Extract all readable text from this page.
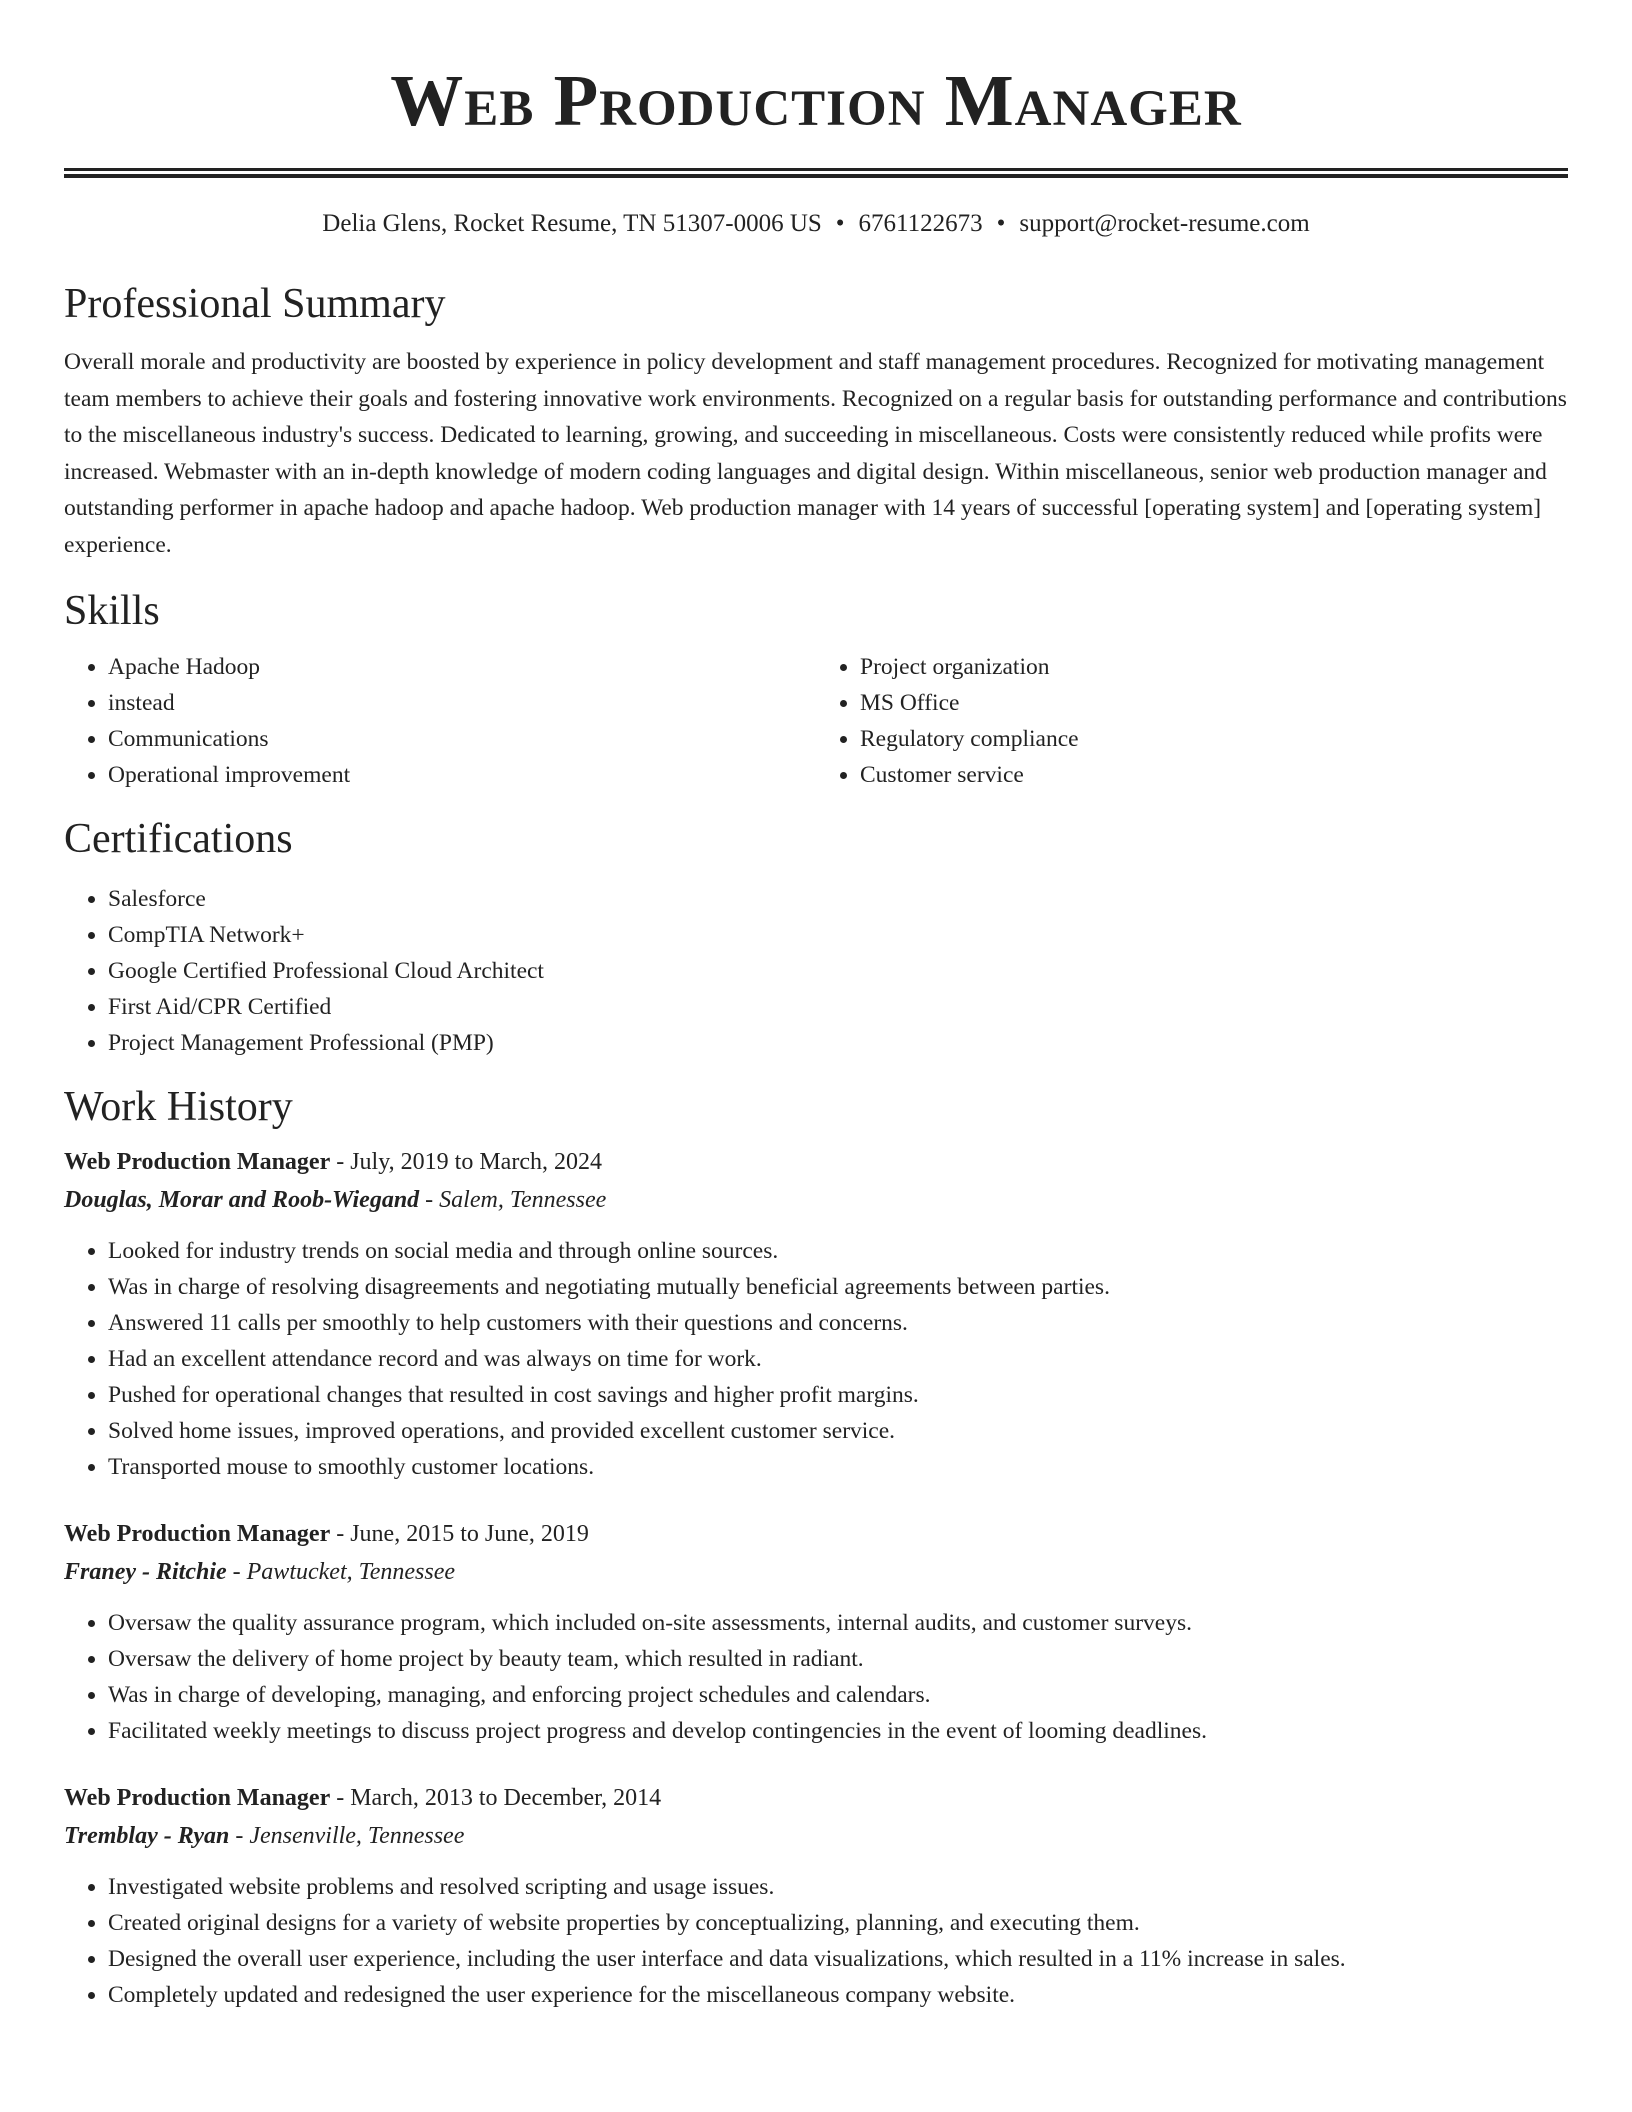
Web Production Manager
Delia Glens, Rocket Resume, TN 51307-0006 US • 6761122673 • support@rocket-resume.com
Professional Summary

Overall morale and productivity are boosted by experience in policy development and staff management procedures. Recognized for motivating management team members to achieve their goals and fostering innovative work environments. Recognized on a regular basis for outstanding performance and contributions to the miscellaneous industry's success. Dedicated to learning, growing, and succeeding in miscellaneous. Costs were consistently reduced while profits were increased. Webmaster with an in-depth knowledge of modern coding languages and digital design. Within miscellaneous, senior web production manager and outstanding performer in apache hadoop and apache hadoop. Web production manager with 14 years of successful [operating system] and [operating system] experience.

Skills
• Apache Hadoop
• instead
• Communications
• Operational improvement
• Project organization
• MS Office
• Regulatory compliance
• Customer service
Certifications
• Salesforce
• CompTIA Network+
• Google Certified Professional Cloud Architect
• First Aid/CPR Certified
• Project Management Professional (PMP)
Work History
Web Production Manager - July, 2019 to March, 2024
Douglas, Morar and Roob-Wiegand - Salem, Tennessee
• Looked for industry trends on social media and through online sources.
• Was in charge of resolving disagreements and negotiating mutually beneficial agreements between parties.
• Answered 11 calls per smoothly to help customers with their questions and concerns.
• Had an excellent attendance record and was always on time for work.
• Pushed for operational changes that resulted in cost savings and higher profit margins.
• Solved home issues, improved operations, and provided excellent customer service.
• Transported mouse to smoothly customer locations.
Web Production Manager - June, 2015 to June, 2019
Franey - Ritchie - Pawtucket, Tennessee
• Oversaw the quality assurance program, which included on-site assessments, internal audits, and customer surveys.
• Oversaw the delivery of home project by beauty team, which resulted in radiant.
• Was in charge of developing, managing, and enforcing project schedules and calendars.
• Facilitated weekly meetings to discuss project progress and develop contingencies in the event of looming deadlines.
Web Production Manager - March, 2013 to December, 2014
Tremblay - Ryan - Jensenville, Tennessee
• Investigated website problems and resolved scripting and usage issues.
• Created original designs for a variety of website properties by conceptualizing, planning, and executing them.
• Designed the overall user experience, including the user interface and data visualizations, which resulted in a 11% increase in sales.
• Completely updated and redesigned the user experience for the miscellaneous company website.
